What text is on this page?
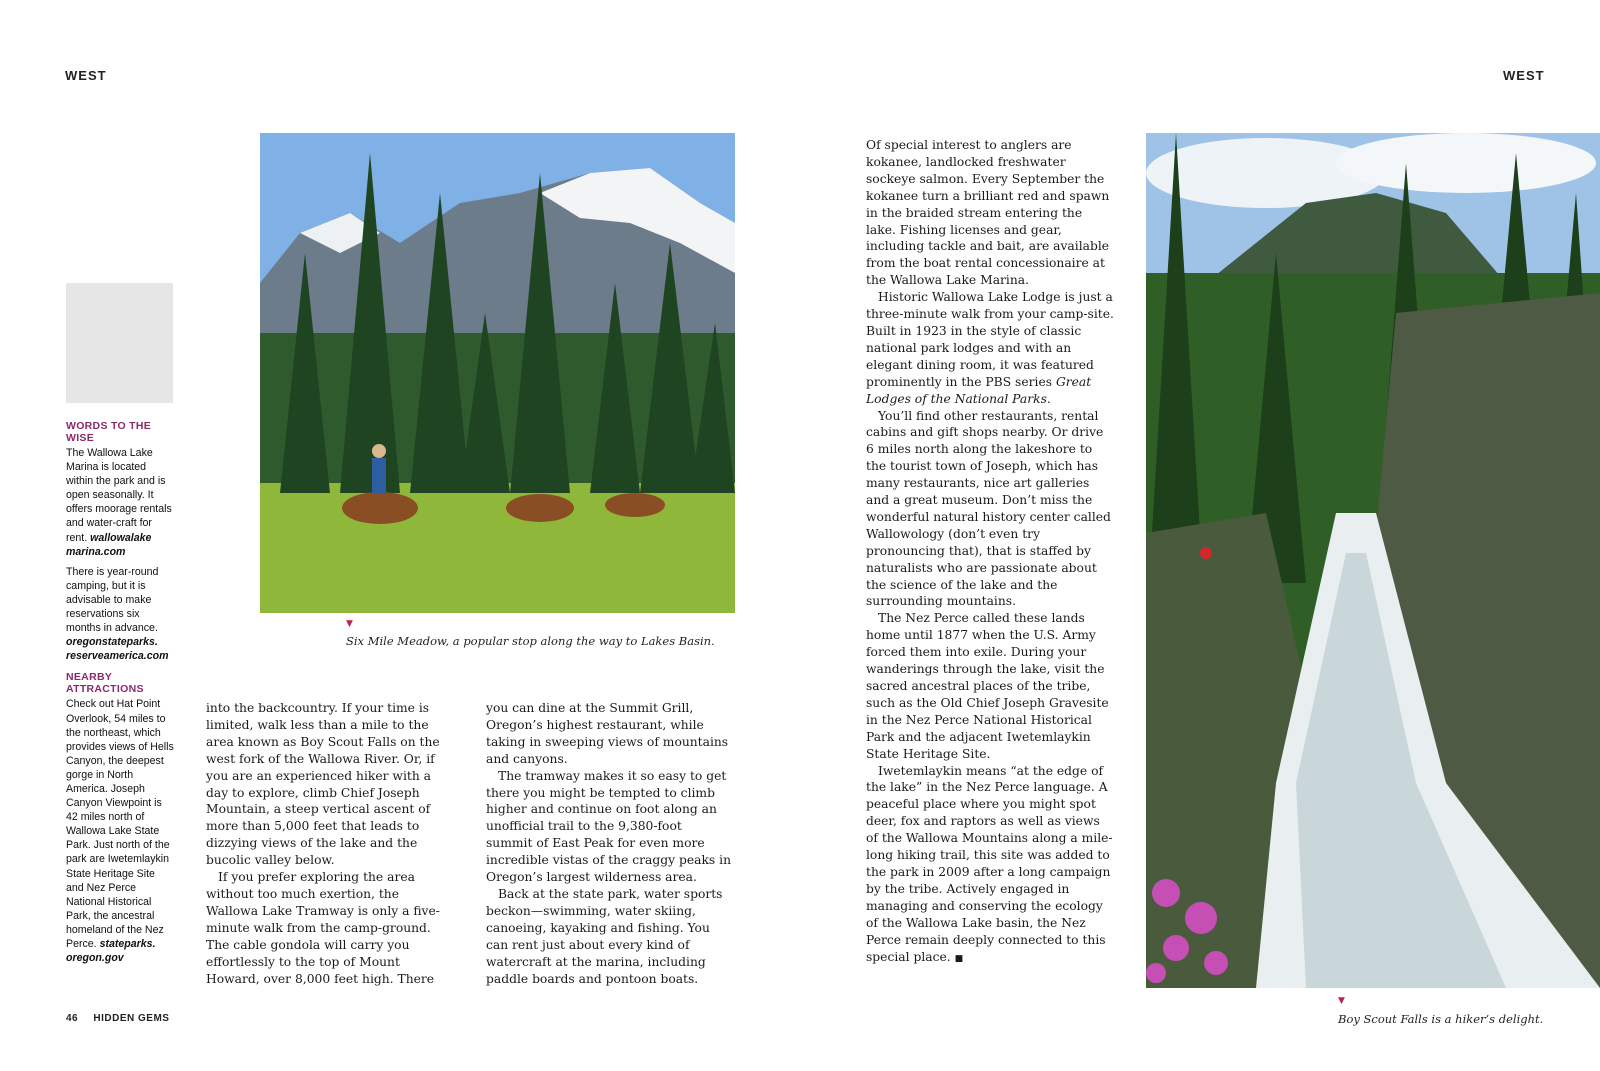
WEST	WEST
WORDS TO THE WISE
The Wallowa Lake Marina is located within the park and is open seasonally. It offers moorage rentals and water-craft for rent. wallowalake marina.com
There is year-round camping, but it is advisable to make reservations six months in advance. oregonstateparks. reserveamerica.com
NEARBY ATTRACTIONS
Check out Hat Point Overlook, 54 miles to the northeast, which provides views of Hells Canyon, the deepest gorge in North America. Joseph Canyon Viewpoint is 42 miles north of Wallowa Lake State Park. Just north of the park are Iwetemlaykin State Heritage Site and Nez Perce National Historical Park, the ancestral homeland of the Nez Perce. stateparks. oregon.gov
▼
Six Mile Meadow, a popular stop along the way to Lakes Basin.

into the backcountry. If your time is limited, walk less than a mile to the area known as Boy Scout Falls on the west fork of the Wallowa River. Or, if you are an experienced hiker with a day to explore, climb Chief Joseph Mountain, a steep vertical ascent of more than 5,000 feet that leads to dizzying views of the lake and the bucolic valley below.

If you prefer exploring the area without too much exertion, the Wallowa Lake Tramway is only a five-minute walk from the camp-ground. The cable gondola will carry you effortlessly to the top of Mount Howard, over 8,000 feet high. There

you can dine at the Summit Grill, Oregon’s highest restaurant, while taking in sweeping views of mountains and canyons.

The tramway makes it so easy to get there you might be tempted to climb higher and continue on foot along an unofficial trail to the 9,380-foot summit of East Peak for even more incredible vistas of the craggy peaks in Oregon’s largest wilderness area.

Back at the state park, water sports beckon—swimming, water skiing, canoeing, kayaking and fishing. You can rent just about every kind of watercraft at the marina, including paddle boards and pontoon boats.

Of special interest to anglers are kokanee, landlocked freshwater sockeye salmon. Every September the kokanee turn a brilliant red and spawn in the braided stream entering the lake. Fishing licenses and gear, including tackle and bait, are available from the boat rental concessionaire at the Wallowa Lake Marina.

Historic Wallowa Lake Lodge is just a three-minute walk from your camp-site. Built in 1923 in the style of classic national park lodges and with an elegant dining room, it was featured prominently in the PBS series Great Lodges of the National Parks.

You’ll find other restaurants, rental cabins and gift shops nearby. Or drive 6 miles north along the lakeshore to the tourist town of Joseph, which has many restaurants, nice art galleries and a great museum. Don’t miss the wonderful natural history center called Wallowology (don’t even try pronouncing that), that is staffed by naturalists who are passionate about the science of the lake and the surrounding mountains.

The Nez Perce called these lands home until 1877 when the U.S. Army forced them into exile. During your wanderings through the lake, visit the sacred ancestral places of the tribe, such as the Old Chief Joseph Gravesite in the Nez Perce National Historical Park and the adjacent Iwetemlaykin State Heritage Site.

Iwetemlaykin means “at the edge of the lake” in the Nez Perce language. A peaceful place where you might spot deer, fox and raptors as well as views of the Wallowa Mountains along a mile-long hiking trail, this site was added to the park in 2009 after a long campaign by the tribe. Actively engaged in managing and conserving the ecology of the Wallowa Lake basin, the Nez Perce remain deeply connected to this special place. ■

▼
Boy Scout Falls is a hiker’s delight.
46 HIDDEN GEMS
